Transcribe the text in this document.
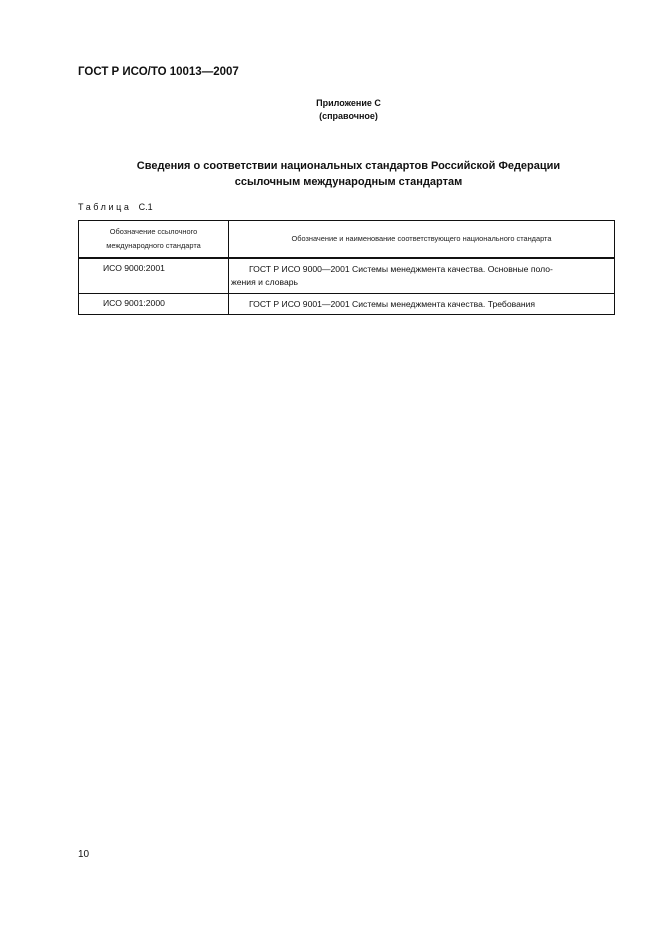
ГОСТ Р ИСО/ТО 10013—2007
Приложение С
(справочное)
Сведения о соответствии национальных стандартов Российской Федерации
ссылочным международным стандартам
Таблица С.1
Обозначение ссылочного
международного стандарта	Обозначение и наименование соответствующего национального стандарта
ИСО 9000:2001	ГОСТ Р ИСО 9000—2001 Системы менеджмента качества. Основные поло-
жения и словарь
ИСО 9001:2000	ГОСТ Р ИСО 9001—2001 Системы менеджмента качества. Требования
10
